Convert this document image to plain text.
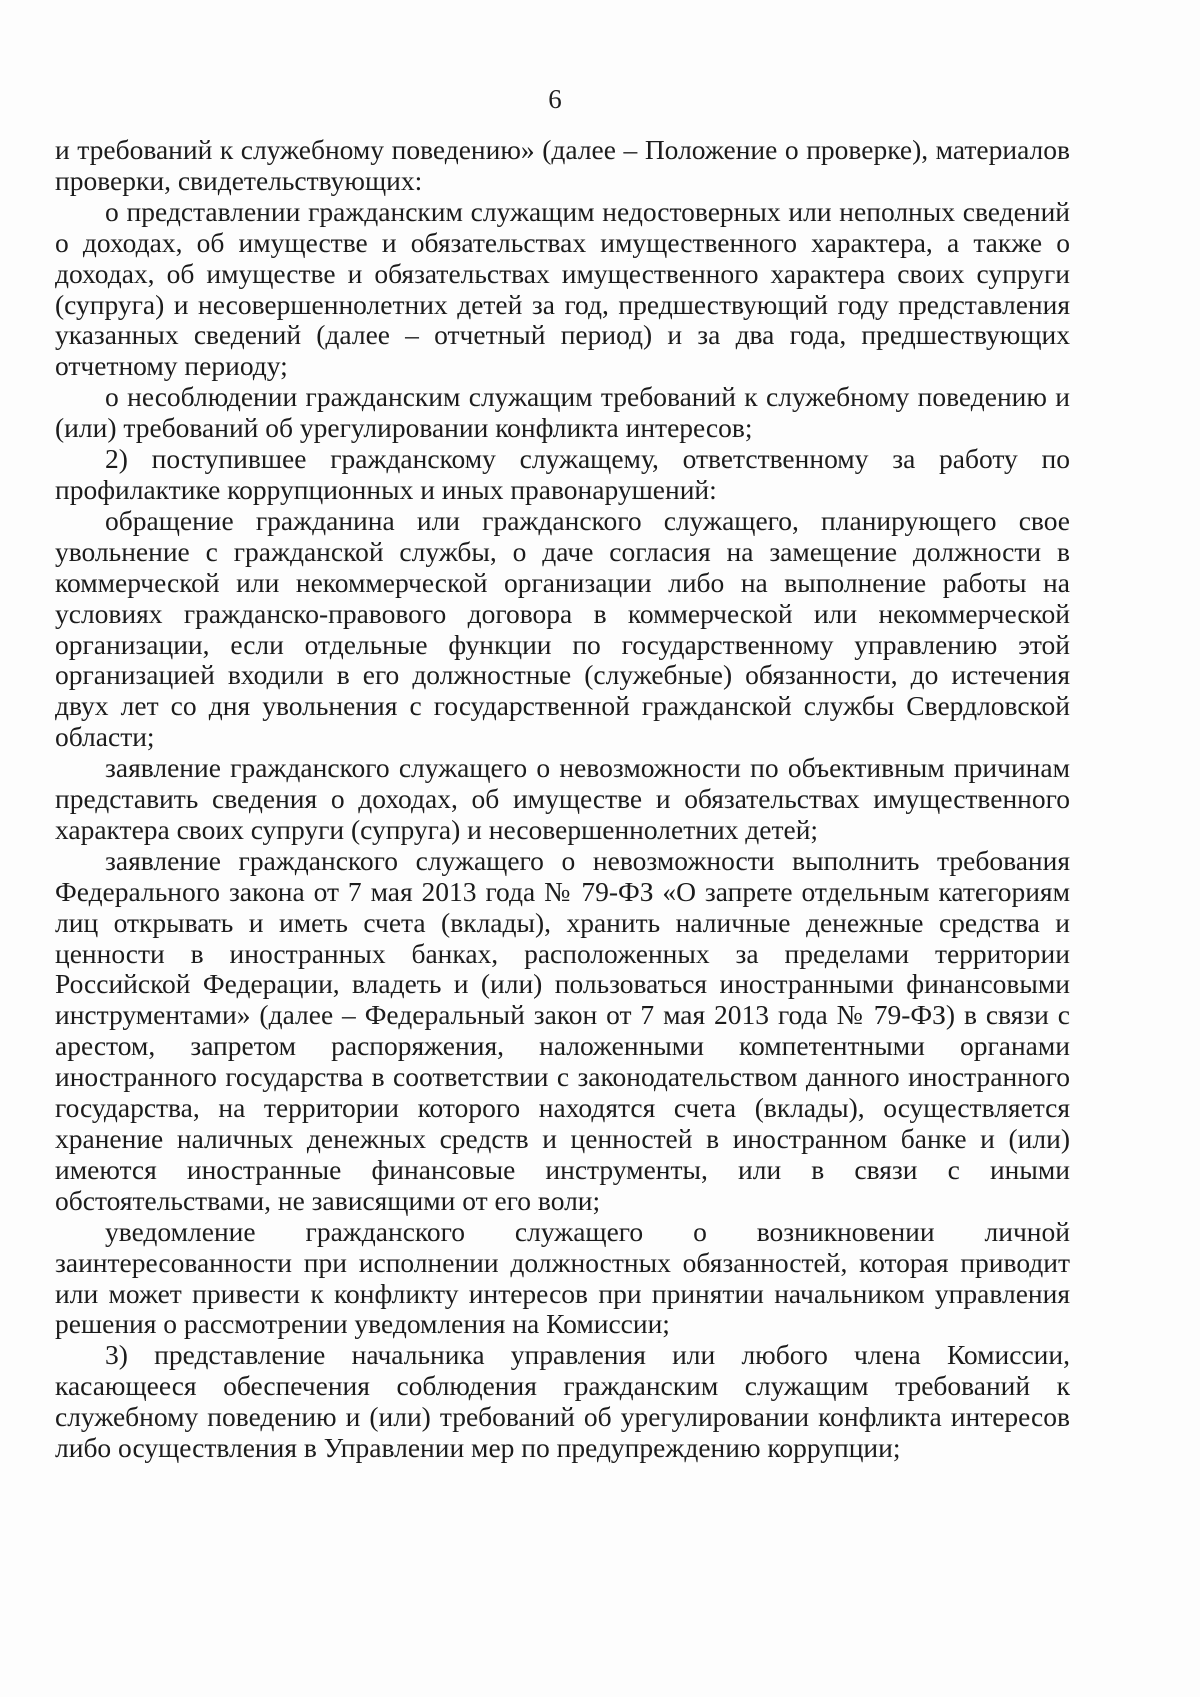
6

и требований к служебному поведению» (далее – Положение о проверке), материалов проверки, свидетельствующих:

о представлении гражданским служащим недостоверных или неполных сведений о доходах, об имуществе и обязательствах имущественного характера, а также о доходах, об имуществе и обязательствах имущественного характера своих супруги (супруга) и несовершеннолетних детей за год, предшествующий году представления указанных сведений (далее – отчетный период) и за два года, предшествующих отчетному периоду;

о несоблюдении гражданским служащим требований к служебному поведению и (или) требований об урегулировании конфликта интересов;

2) поступившее гражданскому служащему, ответственному за работу по профилактике коррупционных и иных правонарушений:

обращение гражданина или гражданского служащего, планирующего свое увольнение с гражданской службы, о даче согласия на замещение должности в коммерческой или некоммерческой организации либо на выполнение работы на условиях гражданско-правового договора в коммерческой или некоммерческой организации, если отдельные функции по государственному управлению этой организацией входили в его должностные (служебные) обязанности, до истечения двух лет со дня увольнения с государственной гражданской службы Свердловской области;

заявление гражданского служащего о невозможности по объективным причинам представить сведения о доходах, об имуществе и обязательствах имущественного характера своих супруги (супруга) и несовершеннолетних детей;

заявление гражданского служащего о невозможности выполнить требования Федерального закона от 7 мая 2013 года № 79-ФЗ «О запрете отдельным категориям лиц открывать и иметь счета (вклады), хранить наличные денежные средства и ценности в иностранных банках, расположенных за пределами территории Российской Федерации, владеть и (или) пользоваться иностранными финансовыми инструментами» (далее – Федеральный закон от 7 мая 2013 года № 79-ФЗ) в связи с арестом, запретом распоряжения, наложенными компетентными органами иностранного государства в соответствии с законодательством данного иностранного государства, на территории которого находятся счета (вклады), осуществляется хранение наличных денежных средств и ценностей в иностранном банке и (или) имеются иностранные финансовые инструменты, или в связи с иными обстоятельствами, не зависящими от его воли;

уведомление гражданского служащего о возникновении личной заинтересованности при исполнении должностных обязанностей, которая приводит или может привести к конфликту интересов при принятии начальником управления решения о рассмотрении уведомления на Комиссии;

3) представление начальника управления или любого члена Комиссии, касающееся обеспечения соблюдения гражданским служащим требований к служебному поведению и (или) требований об урегулировании конфликта интересов либо осуществления в Управлении мер по предупреждению коррупции;
